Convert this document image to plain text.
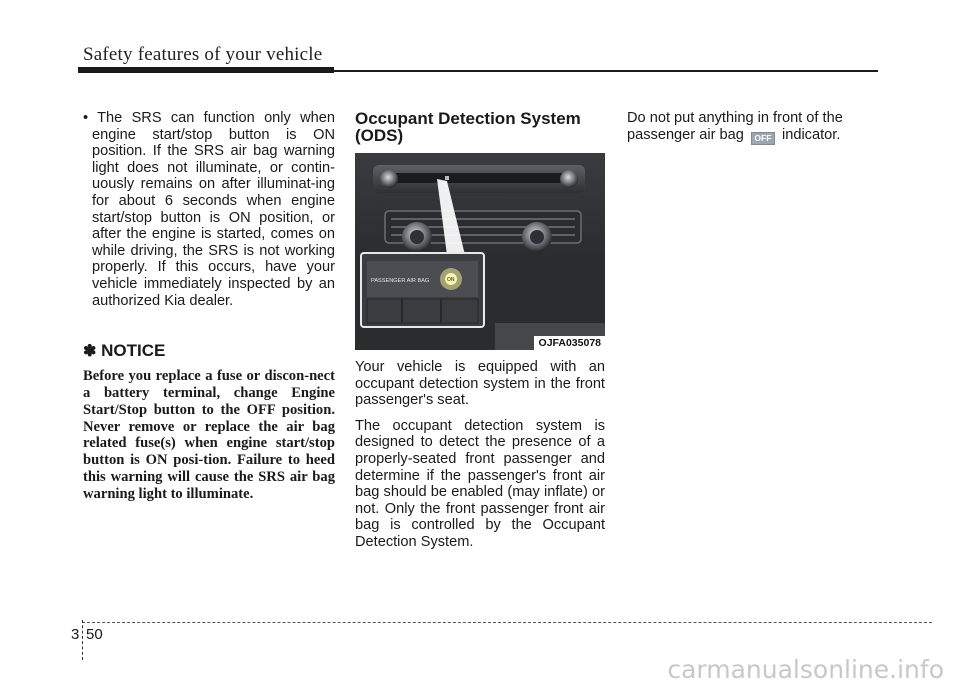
Safety features of your vehicle
• The SRS can function only when engine start/stop button is ON position. If the SRS air bag warning light does not illuminate, or contin-uously remains on after illuminat-ing for about 6 seconds when engine start/stop button is ON position, or after the engine is started, comes on while driving, the SRS is not working properly. If this occurs, have your vehicle immediately inspected by an authorized Kia dealer.
✽ NOTICE
Before you replace a fuse or discon-nect a battery terminal, change Engine Start/Stop button to the OFF position. Never remove or replace the air bag related fuse(s) when engine start/stop button is ON posi-tion. Failure to heed this warning will cause the SRS air bag warning light to illuminate.
Occupant Detection System
(ODS)
PASSENGER AIR BAG	ON
OJFA035078

Your vehicle is equipped with an occupant detection system in the front passenger's seat.

The occupant detection system is designed to detect the presence of a properly-seated front passenger and determine if the passenger's front air bag should be enabled (may inflate) or not. Only the front passenger front air bag is controlled by the Occupant Detection System.

Do not put anything in front of the passenger air bag OFF indicator.

3 50
carmanualsonline.info
